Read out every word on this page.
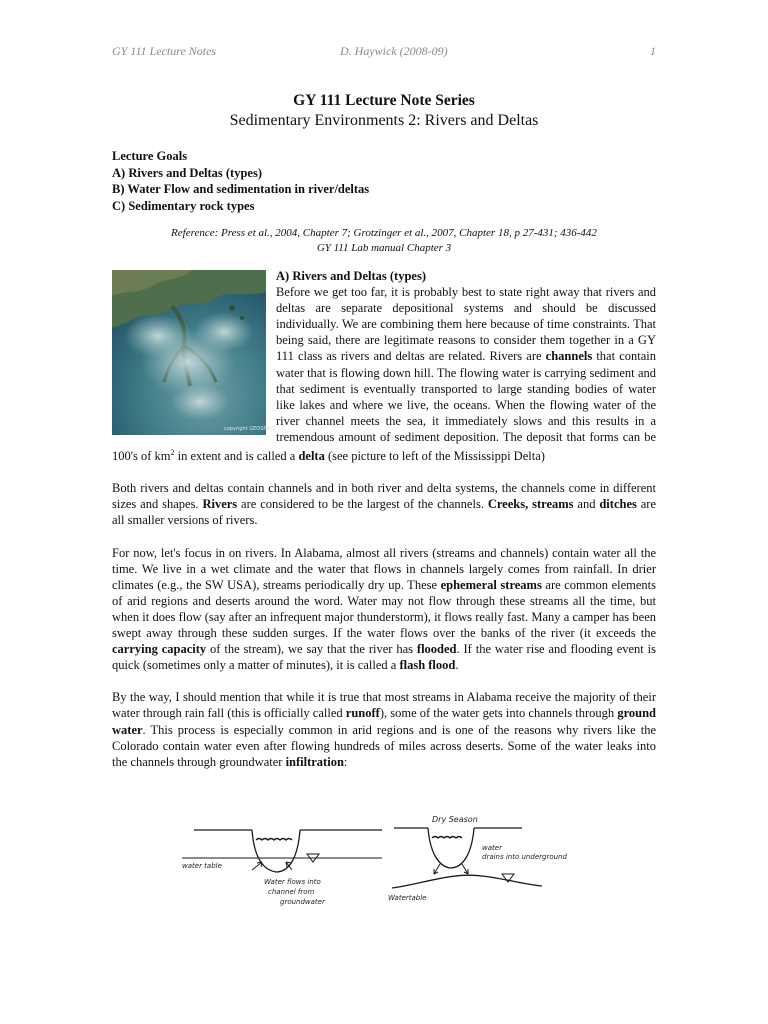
GY 111 Lecture Notes	D. Haywick (2008-09)	1

GY 111 Lecture Note Series

Sedimentary Environments 2: Rivers and Deltas

Lecture Goals
A) Rivers and Deltas (types)
B) Water Flow and sedimentation in river/deltas
C) Sedimentary rock types
Reference: Press et al., 2004, Chapter 7; Grotzinger et al., 2007, Chapter 18, p 27-431; 436-442
GY 111 Lab manual Chapter 3

copyright GEOSPACE
A) Rivers and Deltas (types)
Before we get too far, it is probably best to state right away that rivers and deltas are separate depositional systems and should be discussed individually. We are combining them here because of time constraints. That being said, there are legitimate reasons to consider them together in a GY 111 class as rivers and deltas are related. Rivers are channels that contain water that is flowing down hill. The flowing water is carrying sediment and that sediment is eventually transported to large standing bodies of water like lakes and where we live, the oceans. When the flowing water of the river channel meets the sea, it immediately slows and this results in a tremendous amount of sediment deposition. The deposit that forms can be 100's of $km^2$ in extent and is called a delta (see picture to left of the Mississippi Delta)

Both rivers and deltas contain channels and in both river and delta systems, the channels come in different sizes and shapes. Rivers are considered to be the largest of the channels. Creeks, streams and ditches are all smaller versions of rivers.

For now, let's focus in on rivers. In Alabama, almost all rivers (streams and channels) contain water all the time. We live in a wet climate and the water that flows in channels largely comes from rainfall. In drier climates (e.g., the SW USA), streams periodically dry up. These ephemeral streams are common elements of arid regions and deserts around the word. Water may not flow through these streams all the time, but when it does flow (say after an infrequent major thunderstorm), it flows really fast. Many a camper has been swept away through these sudden surges. If the water flows over the banks of the river (it exceeds the carrying capacity of the stream), we say that the river has flooded. If the water rise and flooding event is quick (sometimes only a matter of minutes), it is called a flash flood.

By the way, I should mention that while it is true that most streams in Alabama receive the majority of their water through rain fall (this is officially called runoff), some of the water gets into channels through ground water. This process is especially common in arid regions and is one of the reasons why rivers like the Colorado contain water even after flowing hundreds of miles across deserts. Some of the water leaks into the channels through groundwater infiltration:

water table
Water flows into
channel from
groundwater
Dry Season
water
drains into underground
Watertable
